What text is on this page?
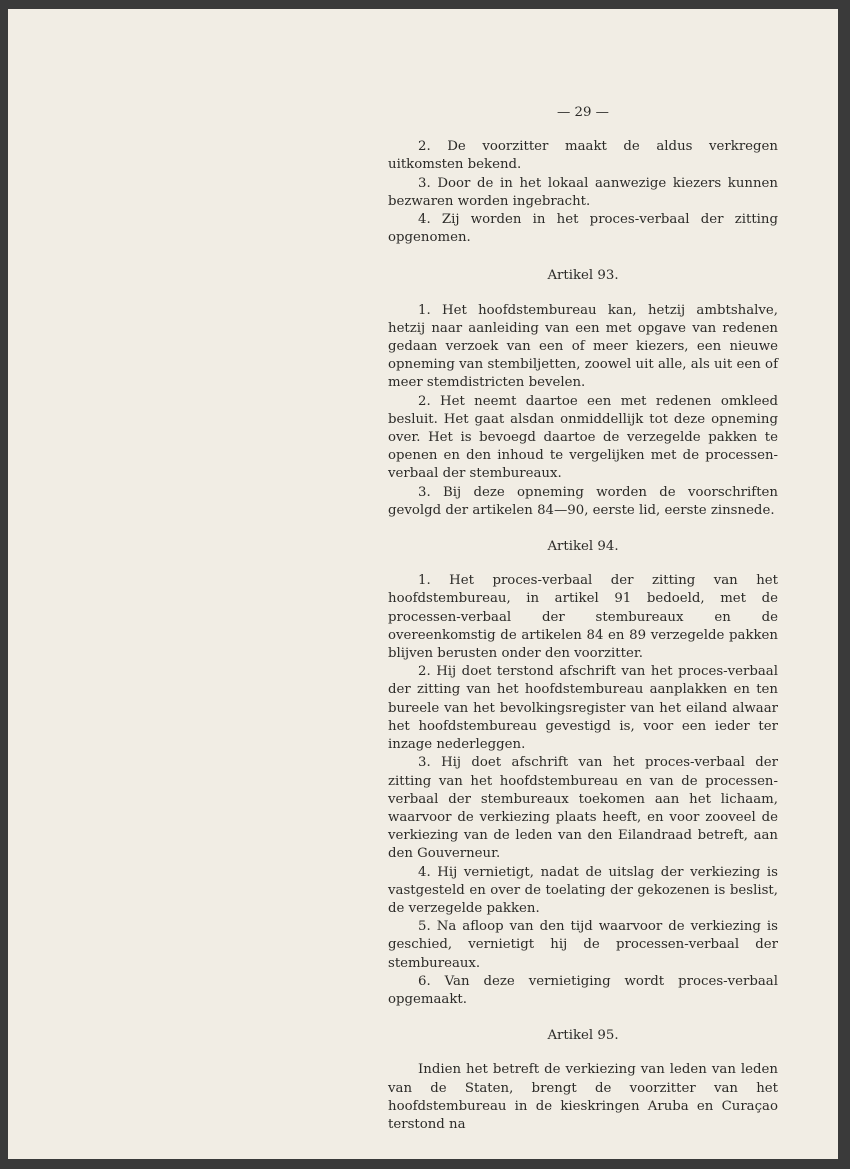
— 29 —

2. De voorzitter maakt de aldus verkregen uitkomsten bekend.

3. Door de in het lokaal aanwezige kiezers kunnen bezwaren worden ingebracht.

4. Zij worden in het proces-verbaal der zitting opgenomen.

Artikel 93.

1. Het hoofdstembureau kan, hetzij ambtshalve, hetzij naar aanleiding van een met opgave van redenen gedaan verzoek van een of meer kiezers, een nieuwe opneming van stembiljetten, zoowel uit alle, als uit een of meer stemdistricten bevelen.

2. Het neemt daartoe een met redenen omkleed besluit. Het gaat alsdan onmiddellijk tot deze opneming over. Het is bevoegd daartoe de verzegelde pakken te openen en den inhoud te vergelijken met de processen-verbaal der stembureaux.

3. Bij deze opneming worden de voorschriften gevolgd der artikelen 84—90, eerste lid, eerste zinsnede.

Artikel 94.

1. Het proces-verbaal der zitting van het hoofdstembureau, in artikel 91 bedoeld, met de processen-verbaal der stembureaux en de overeenkomstig de artikelen 84 en 89 verzegelde pakken blijven berusten onder den voorzitter.

2. Hij doet terstond afschrift van het proces-verbaal der zitting van het hoofdstembureau aanplakken en ten bureele van het bevolkingsregister van het eiland alwaar het hoofdstembureau gevestigd is, voor een ieder ter inzage nederleggen.

3. Hij doet afschrift van het proces-verbaal der zitting van het hoofdstembureau en van de processen-verbaal der stembureaux toekomen aan het lichaam, waarvoor de verkiezing plaats heeft, en voor zooveel de verkiezing van de leden van den Eilandraad betreft, aan den Gouverneur.

4. Hij vernietigt, nadat de uitslag der verkiezing is vastgesteld en over de toelating der gekozenen is beslist, de verzegelde pakken.

5. Na afloop van den tijd waarvoor de verkiezing is geschied, vernietigt hij de processen-verbaal der stembureaux.

6. Van deze vernietiging wordt proces-verbaal opgemaakt.

Artikel 95.

Indien het betreft de verkiezing van leden van leden van de Staten, brengt de voorzitter van het hoofdstembureau in de kieskringen Aruba en Curaçao terstond na
